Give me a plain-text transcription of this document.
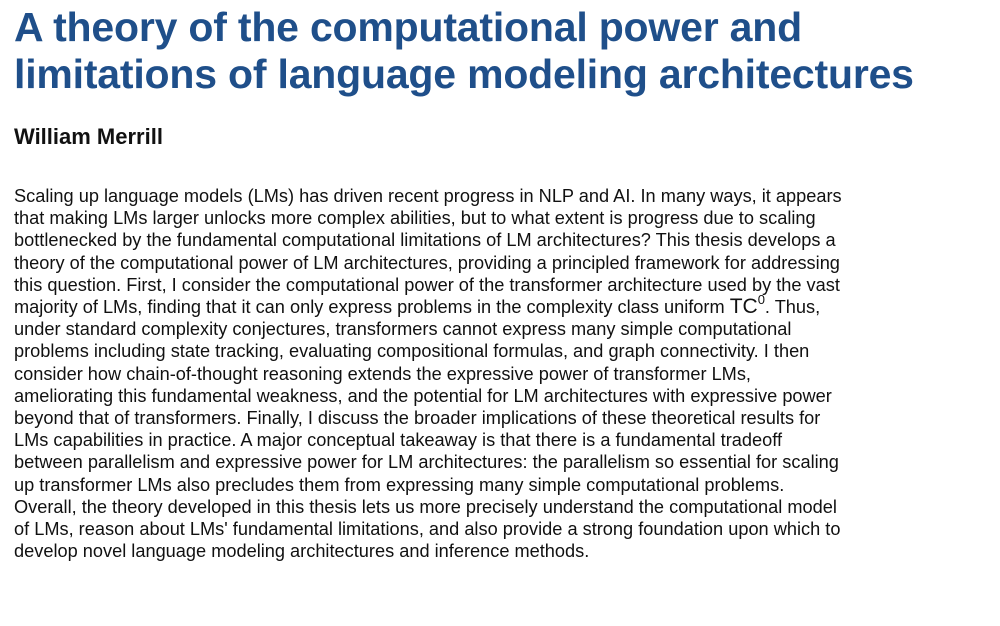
A theory of the computational power and
limitations of language modeling architectures
William Merrill
Scaling up language models (LMs) has driven recent progress in NLP and AI. In many ways, it appears
that making LMs larger unlocks more complex abilities, but to what extent is progress due to scaling
bottlenecked by the fundamental computational limitations of LM architectures? This thesis develops a
theory of the computational power of LM architectures, providing a principled framework for addressing
this question. First, I consider the computational power of the transformer architecture used by the vast
majority of LMs, finding that it can only express problems in the complexity class uniform $TC^0$. Thus,
under standard complexity conjectures, transformers cannot express many simple computational
problems including state tracking, evaluating compositional formulas, and graph connectivity. I then
consider how chain-of-thought reasoning extends the expressive power of transformer LMs,
ameliorating this fundamental weakness, and the potential for LM architectures with expressive power
beyond that of transformers. Finally, I discuss the broader implications of these theoretical results for
LMs capabilities in practice. A major conceptual takeaway is that there is a fundamental tradeoff
between parallelism and expressive power for LM architectures: the parallelism so essential for scaling
up transformer LMs also precludes them from expressing many simple computational problems.
Overall, the theory developed in this thesis lets us more precisely understand the computational model
of LMs, reason about LMs' fundamental limitations, and also provide a strong foundation upon which to
develop novel language modeling architectures and inference methods.
